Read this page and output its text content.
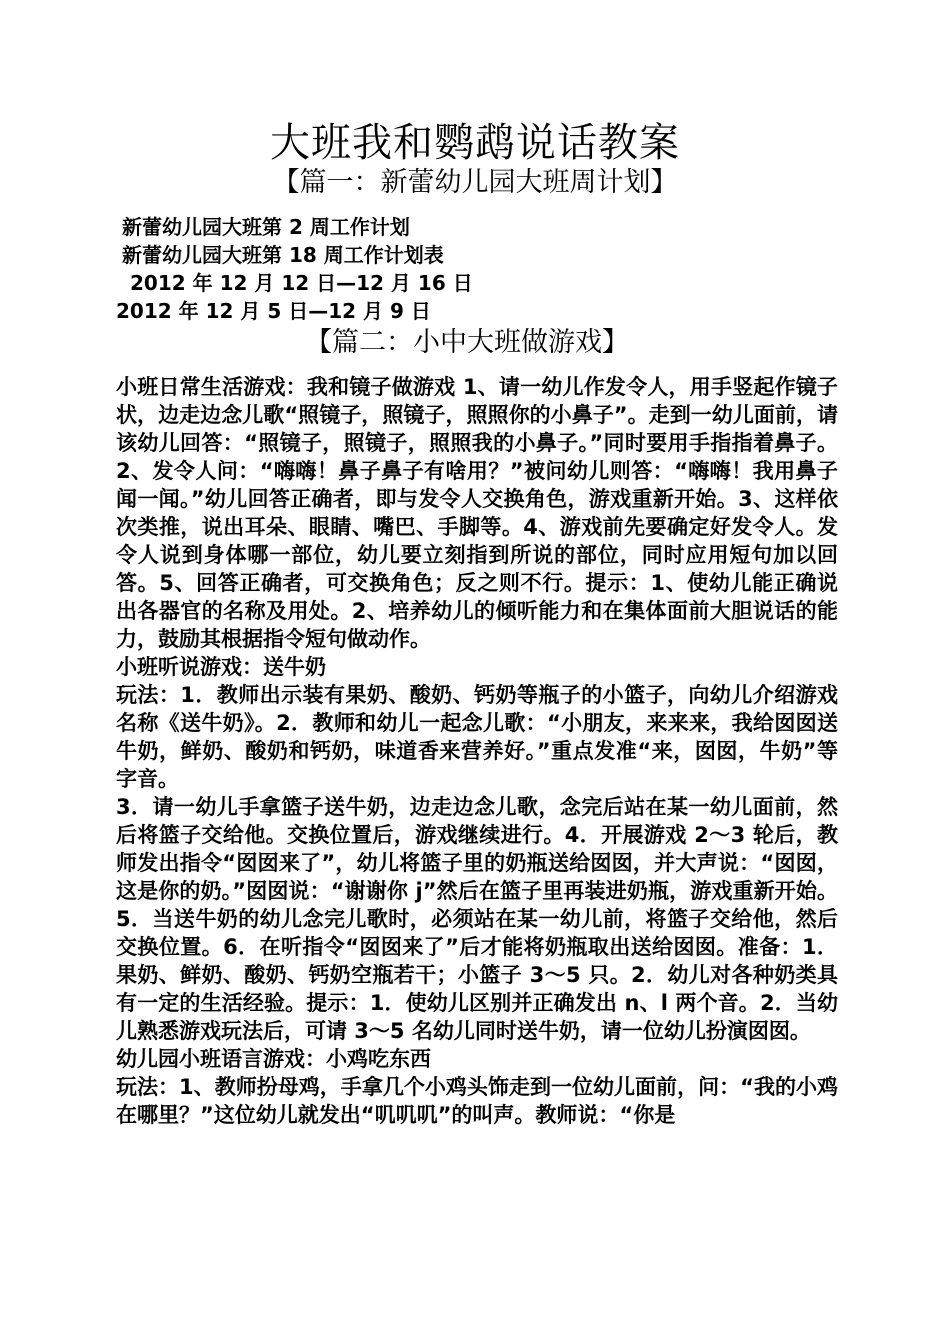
大班我和鹦鹉说话教案
【篇一：新蕾幼儿园大班周计划】
新蕾幼儿园大班第 2 周工作计划
新蕾幼儿园大班第 18 周工作计划表
2012 年 12 月 12 日—12 月 16 日
2012 年 12 月 5 日—12 月 9 日
【篇二：小中大班做游戏】

小班日常生活游戏：我和镜子做游戏 1、请一幼儿作发令人，用手竖起作镜子状，边走边念儿歌“照镜子，照镜子，照照你的小鼻子”。走到一幼儿面前，请该幼儿回答：“照镜子，照镜子，照照我的小鼻子。”同时要用手指指着鼻子。2、发令人问：“嗨嗨！鼻子鼻子有啥用？”被问幼儿则答：“嗨嗨！我用鼻子闻一闻。”幼儿回答正确者，即与发令人交换角色，游戏重新开始。3、这样依次类推，说出耳朵、眼睛、嘴巴、手脚等。4、游戏前先要确定好发令人。发令人说到身体哪一部位，幼儿要立刻指到所说的部位，同时应用短句加以回答。5、回答正确者，可交换角色；反之则不行。提示：1、使幼儿能正确说出各器官的名称及用处。2、培养幼儿的倾听能力和在集体面前大胆说话的能力，鼓励其根据指令短句做动作。

小班听说游戏：送牛奶

玩法：1．教师出示装有果奶、酸奶、钙奶等瓶子的小篮子，向幼儿介绍游戏名称《送牛奶》。2．教师和幼儿一起念儿歌：“小朋友，来来来，我给囡囡送牛奶，鲜奶、酸奶和钙奶，味道香来营养好。”重点发准“来，囡囡，牛奶”等字音。

3．请一幼儿手拿篮子送牛奶，边走边念儿歌，念完后站在某一幼儿面前，然后将篮子交给他。交换位置后，游戏继续进行。4．开展游戏 2～3 轮后，教师发出指令“囡囡来了”，幼儿将篮子里的奶瓶送给囡囡，并大声说：“囡囡，这是你的奶。”囡囡说：“谢谢你 j”然后在篮子里再装进奶瓶，游戏重新开始。5．当送牛奶的幼儿念完儿歌时，必须站在某一幼儿前，将篮子交给他，然后交换位置。6．在听指令“囡囡来了”后才能将奶瓶取出送给囡囡。准备：1．果奶、鲜奶、酸奶、钙奶空瓶若干；小篮子 3～5 只。2．幼儿对各种奶类具有一定的生活经验。提示：1．使幼儿区别并正确发出 n、l 两个音。2．当幼儿熟悉游戏玩法后，可请 3～5 名幼儿同时送牛奶，请一位幼儿扮演囡囡。

幼儿园小班语言游戏：小鸡吃东西

玩法：1、教师扮母鸡，手拿几个小鸡头饰走到一位幼儿面前，问：“我的小鸡在哪里？”这位幼儿就发出“叽叽叽”的叫声。教师说：“你是
